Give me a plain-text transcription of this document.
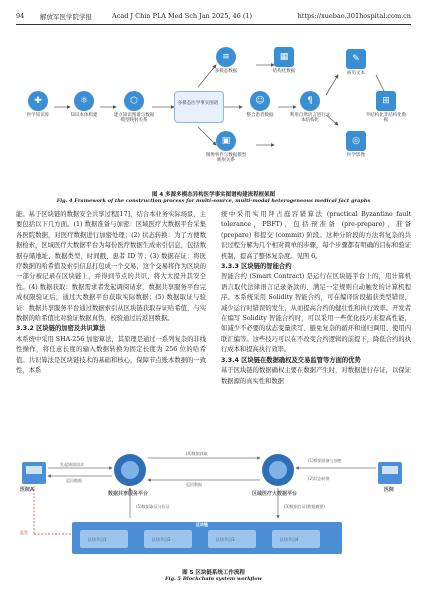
94 解放军医学院学报	Acad J Chin PLA Med Sch Jan 2025, 46 (1)	https://xuebao.301hospital.com.cn
✚
医学知识库
⚛
知识本体构建
⬡
建立知识图谱与数据模型映射关系
多模态医学事实图谱
≡
多模态数据
▣
图像事件与数据模型映射关系
☺
整合患者数据
▦
结构化数据
¶
利用自然语言进行文本结构化
✎
病历文本
⊞
半结构化非结构化数据
◎
医学影像
图 4 多源多模态异构医学事实图谱构建流程框架图
Fig. 4 Framework of the construction process for multi-source, multi-modal heterogeneous medical fact graphs

能。基于区块链的数据安全共享过程[17]，结合本业务实际场景，主要包括以下几方面。(1) 数据准备与加密：区域医疗大数据平台采集各医院数据，对医疗数据进行加密处理；(2) 状态转换：为了方便数据检索，区域医疗大数据平台为每份医疗数据生成索引信息，包括数据存储地址、数据类型、时间戳、患者 ID 等；(3) 数据存证：将医疗数据的哈希值及索引信息打包成一个交易，这个交易将作为区块的一部分被记录在区块链上，并得到节点的共识，将大大提升其安全性。(4) 数据获取：数据需求者发起调阅请求，数据共享服务平台完成权限验证后，通过大数据平台获取实际数据；(5) 数据取证与验证：数据共享服务平台通过数据索引从区块链获取存证哈希值，与实数据的哈希值比对验证数据真伪，校验通过后返回数据。

3.3.2 区块链的加密及共识算法

本系统中采用 SHA-256 加密算法，其原理是通过一系列复杂的非线性操作，将任意长度的输入数据转换为固定长度为 256 位的哈希值。共识算法是区块链技术的基础和核心，保障节点账本数据的一致性，本系

统中采用实用拜占庭容错算法 (practical Byzantine fault tolerance，PBFT)，包括预准备 (pre-prepare)、准备 (prepare) 和提交 (commit) 阶段。这种分阶段的方法将复杂的共识过程分解为几个相对简单的步骤，每个步骤都有明确的目标和验证机制，提高了整体复杂度。见图 6。

3.3.3 区块链的智能合约

智能合约 (Smart Contract) 是运行在区块链平台上的，用计算机语言取代法律语言记录条款的、满足一定规则自动触发的计算机程序。本系统采用 Solidity 智能合约，可在编译阶段捕获类型错误，减少运行时错误的发生，从而提高合约的健壮性和执行效率。开发者在编写 Solidity 智能合约时，可以采用一些优化技巧来提高性能，如减少不必要的状态变量读写、避免复杂的循环和递归调用、使用内联汇编等。这些技巧可以在不改变合约逻辑的前提下，降低合约的执行成本和提高执行效率。

3.3.4 区块链在数据确权及交易监管等方面的优势

基于区块链的数据确权主要在数据产生时，对数据进行存证，以保证数据源的真实性和数据

医院A	医院
监管
数据共享服务平台	区域医疗大数据平台
发起调阅请求
返回数据
(4)数据获取
返回数据
(1)数据准备与加密
(2)状态转换
(3)数据存证(数据摘要)
(5)数据取证与验证
区块链
区块节点1	区块节点2	区块节点3	区块节点4
图 5 区块链系统工作流程
Fig. 5 Blockchain system workflow
